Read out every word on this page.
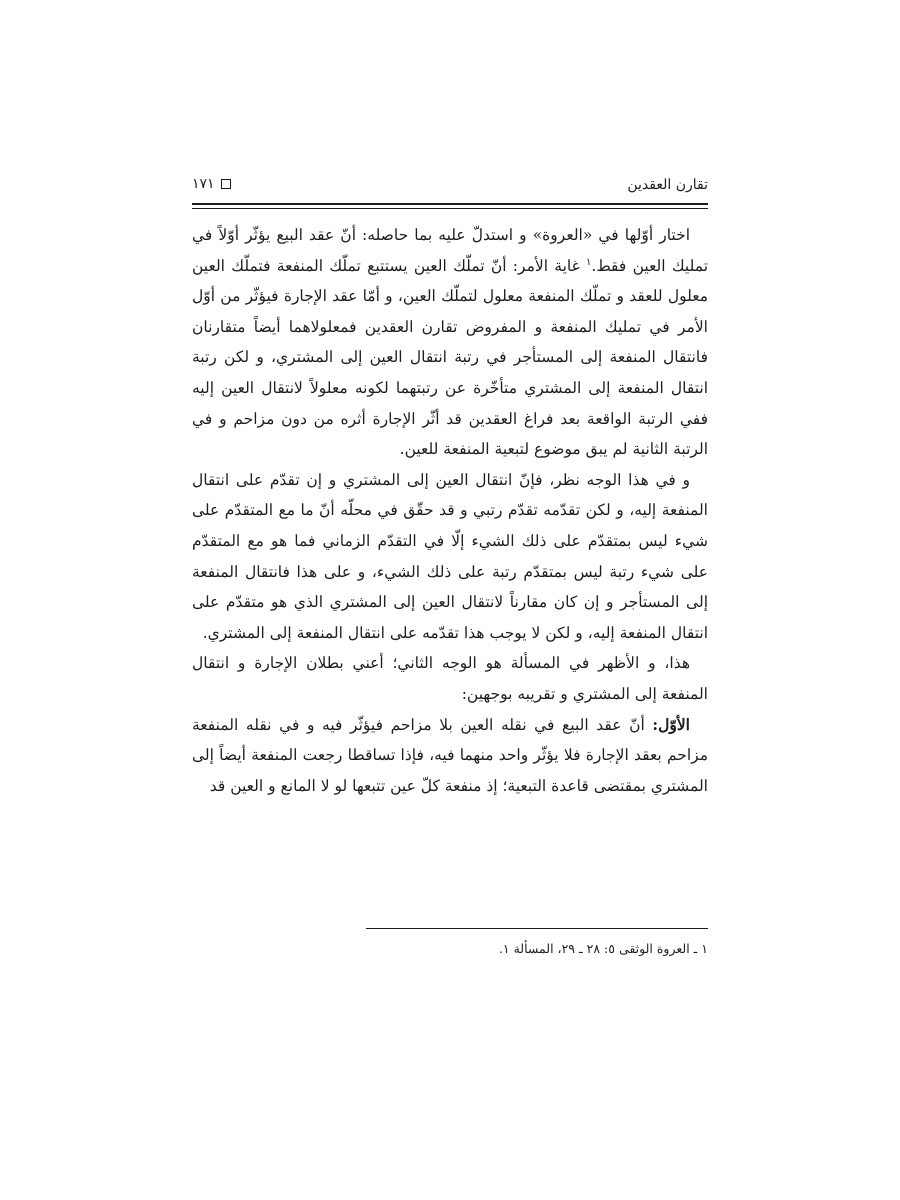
تقارن العقدين
١٧١

اختار أوّلها في «العروة» و استدلّ عليه بما حاصله: أنّ عقد البيع يؤثّر أوّلاً في تمليك العين فقط.$^١$ غاية الأمر: أنّ تملّك العين يستتبع تملّك المنفعة فتملّك العين معلول للعقد و تملّك المنفعة معلول لتملّك العين، و أمّا عقد الإجارة فيؤثّر من أوّل الأمر في تمليك المنفعة و المفروض تقارن العقدين فمعلولاهما أيضاً متقارنان فانتقال المنفعة إلى المستأجر في رتبة انتقال العين إلى المشتري، و لكن رتبة انتقال المنفعة إلى المشتري متأخّرة عن رتبتهما لكونه معلولاً لانتقال العين إليه ففي الرتبة الواقعة بعد فراغ العقدين قد أثّر الإجارة أثره من دون مزاحم و في الرتبة الثانية لم يبق موضوع لتبعية المنفعة للعين.

و في هذا الوجه نظر، فإنّ انتقال العين إلى المشتري و إن تقدّم على انتقال المنفعة إليه، و لكن تقدّمه تقدّم رتبي و قد حقّق في محلّه أنّ ما مع المتقدّم على شيء ليس بمتقدّم على ذلك الشيء إلّا في التقدّم الزماني فما هو مع المتقدّم على شيء رتبة ليس بمتقدّم رتبة على ذلك الشيء، و على هذا فانتقال المنفعة إلى المستأجر و إن كان مقارناً لانتقال العين إلى المشتري الذي هو متقدّم على انتقال المنفعة إليه، و لكن لا يوجب هذا تقدّمه على انتقال المنفعة إلى المشتري.

هذا، و الأظهر في المسألة هو الوجه الثاني؛ أعني بطلان الإجارة و انتقال المنفعة إلى المشتري و تقريبه بوجهين:

الأوّل: أنّ عقد البيع في نقله العين بلا مزاحم فيؤثّر فيه و في نقله المنفعة مزاحم بعقد الإجارة فلا يؤثّر واحد منهما فيه، فإذا تساقطا رجعت المنفعة أيضاً إلى المشتري بمقتضى قاعدة التبعية؛ إذ منفعة كلّ عين تتبعها لو لا المانع و العين قد

١ ـ العروة الوثقى ٥: ٢٨ ـ ٢٩، المسألة ١.
